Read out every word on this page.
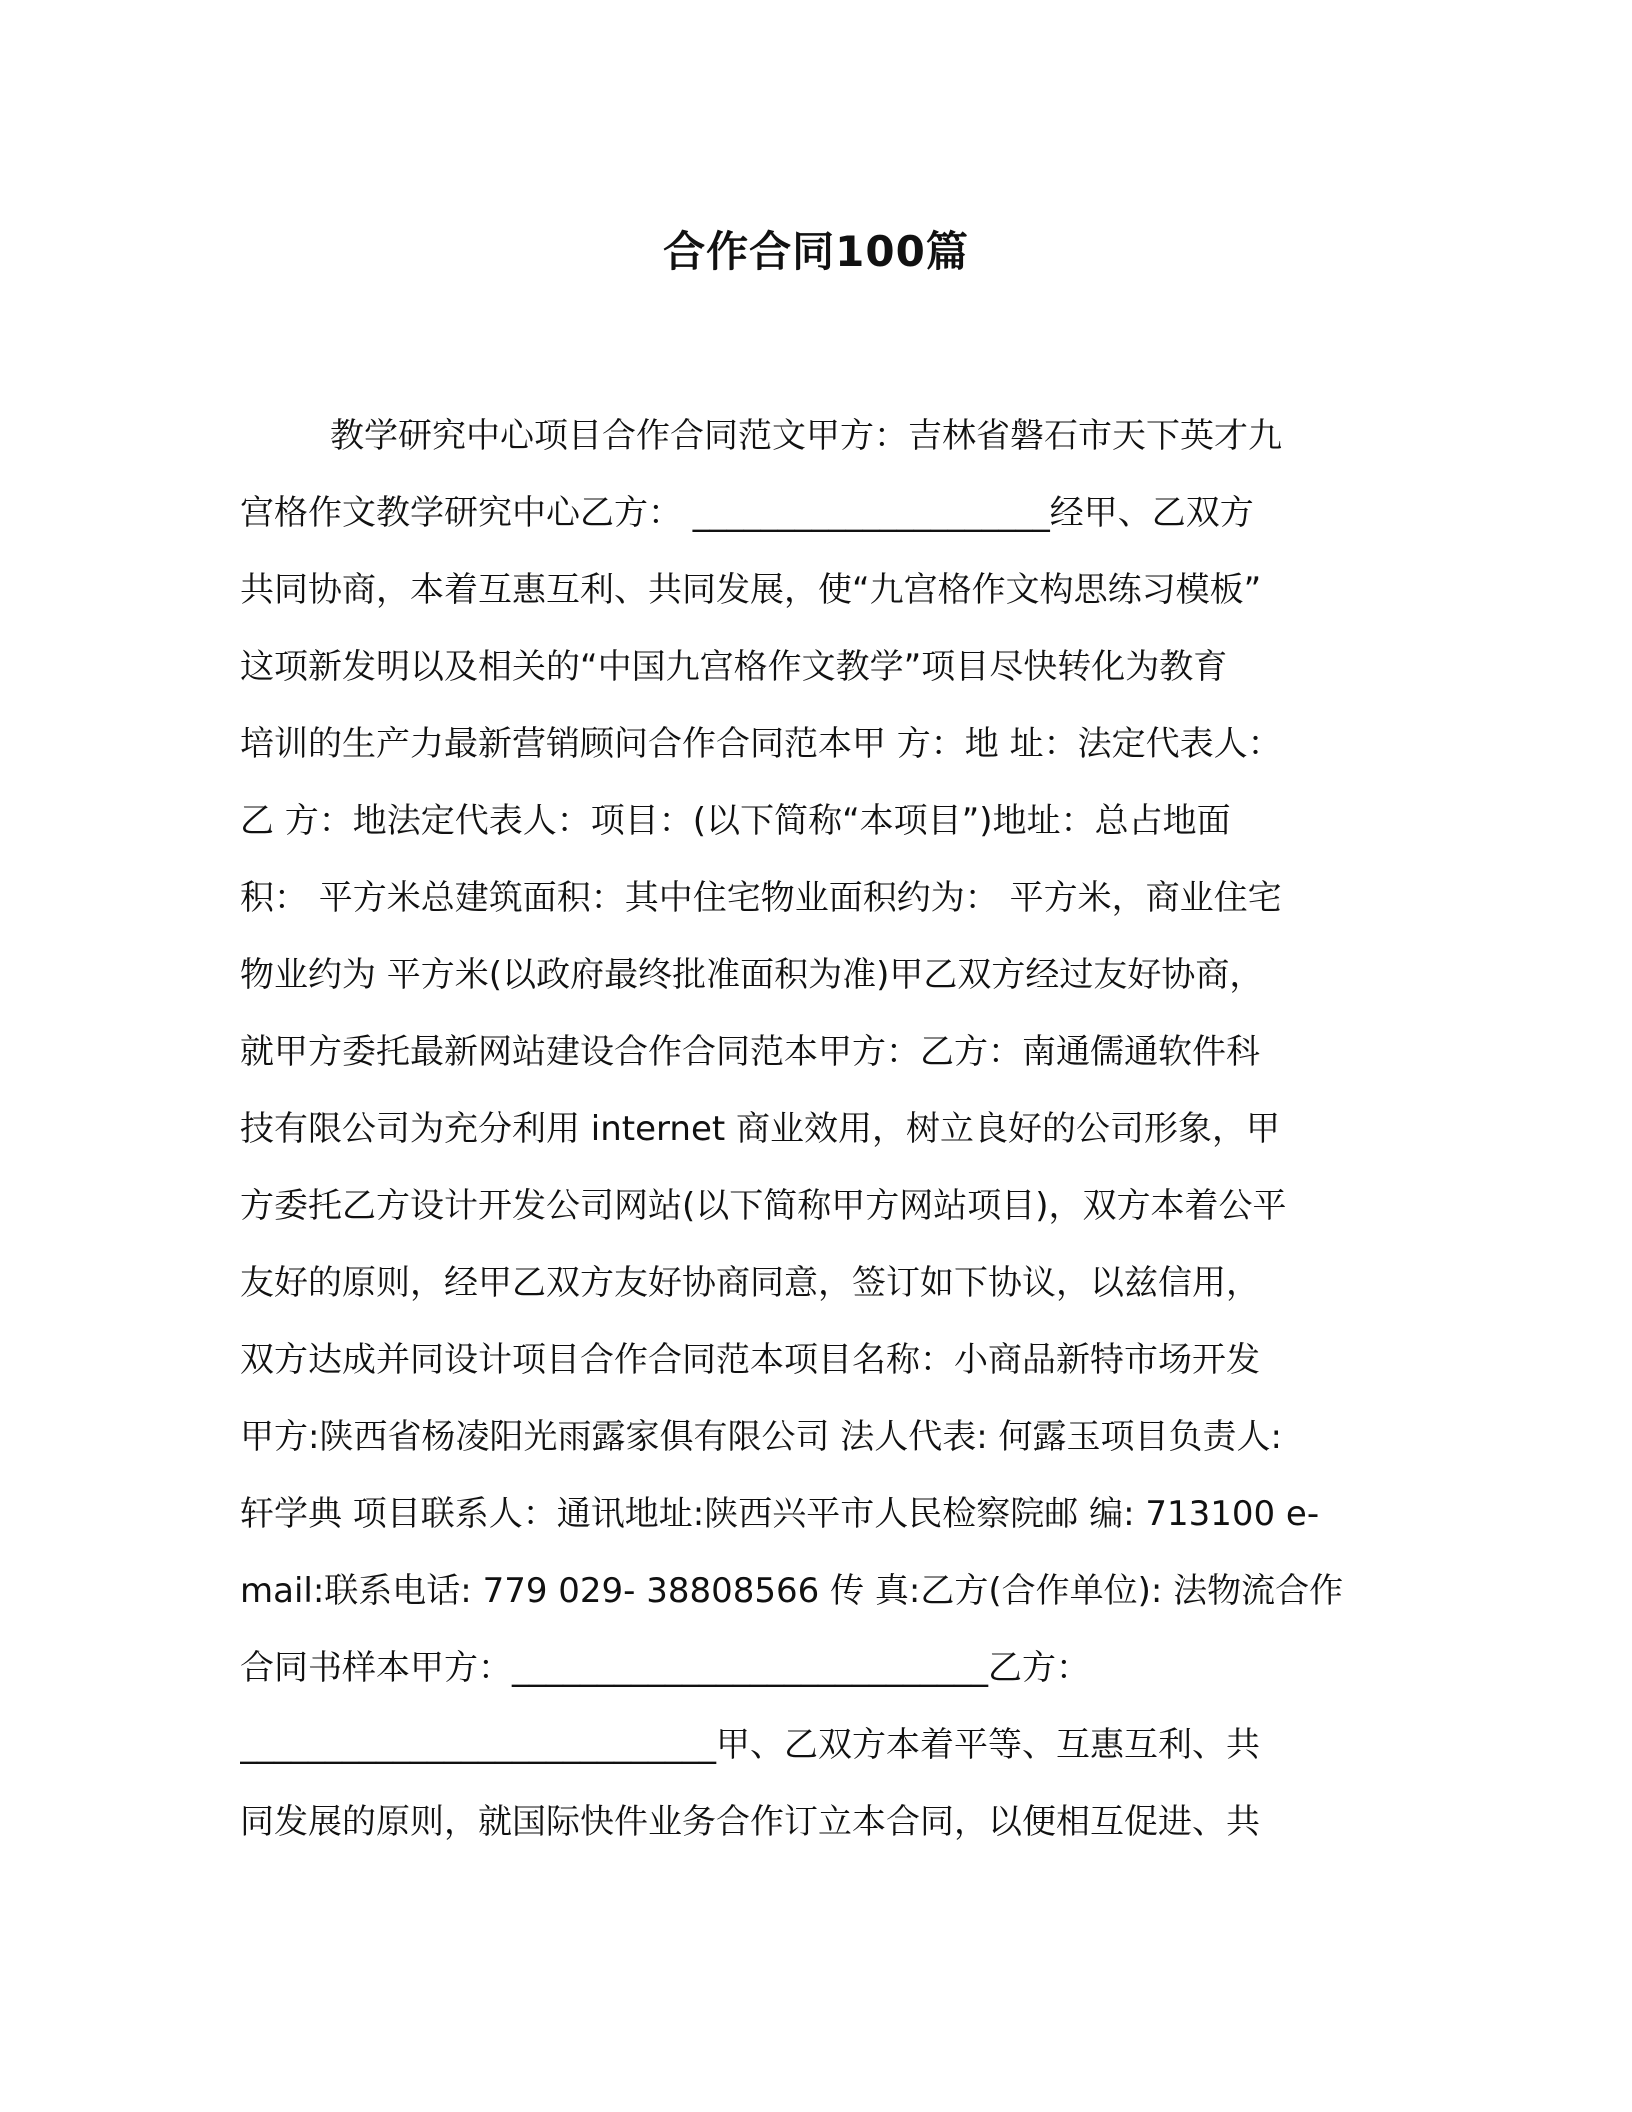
合作合同100篇
教学研究中心项目合作合同范文甲方：吉林省磐石市天下英才九
宫格作文教学研究中心乙方： _____________________经甲、乙双方
共同协商，本着互惠互利、共同发展，使“九宫格作文构思练习模板”
这项新发明以及相关的“中国九宫格作文教学”项目尽快转化为教育
培训的生产力最新营销顾问合作合同范本甲 方：地 址：法定代表人：
乙 方：地法定代表人：项目：(以下简称“本项目”)地址：总占地面
积： 平方米总建筑面积：其中住宅物业面积约为： 平方米，商业住宅
物业约为 平方米(以政府最终批准面积为准)甲乙双方经过友好协商，
就甲方委托最新网站建设合作合同范本甲方：乙方：南通儒通软件科
技有限公司为充分利用 internet 商业效用，树立良好的公司形象，甲
方委托乙方设计开发公司网站(以下简称甲方网站项目)，双方本着公平
友好的原则，经甲乙双方友好协商同意，签订如下协议，以兹信用，
双方达成并同设计项目合作合同范本项目名称：小商品新特市场开发
甲方:陕西省杨凌阳光雨露家俱有限公司 法人代表: 何露玉项目负责人:
轩学典 项目联系人：通讯地址:陕西兴平市人民检察院邮 编: 713100 e-
mail:联系电话: 779 029- 38808566 传 真:乙方(合作单位): 法物流合作
合同书样本甲方：____________________________乙方：
____________________________甲、乙双方本着平等、互惠互利、共
同发展的原则，就国际快件业务合作订立本合同，以便相互促进、共
